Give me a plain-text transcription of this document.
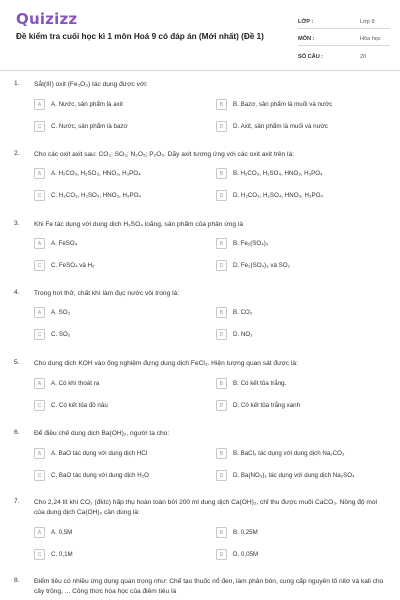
Quizizz
Đề kiểm tra cuối học kì 1 môn Hoá 9 có đáp án (Mới nhất) (Đề 1)
LỚP :	Lớp 9
MÔN :	Hóa học
SỐ CÂU :	20
1. Sắt(III) oxit (Fe₂O₃) tác dụng được với:
A	A. Nước, sản phẩm là axit	B	B. Bazơ, sản phẩm là muối và nước
C	C. Nước, sản phẩm là bazơ	D	D. Axit, sản phẩm là muối và nước
2. Cho các oxit axit sau: CO₂; SO₃; N₂O₅; P₂O₅. Dãy axit tương ứng với các oxit axit trên là:
A	A. H₂CO₃, H₂SO₃, HNO₃, H₃PO₄	B	B. H₂CO₃, H₂SO₄, HNO₃, H₃PO₄
C	C. H₂CO₃, H₂SO₃, HNO₃, H₃PO₄	D	D. H₂CO₃, H₂SO₄, HNO₃, H₃PO₄
3. Khi Fe tác dụng với dung dịch H₂SO₄ loãng, sản phẩm của phản ứng là
A	A. FeSO₄	B	B. Fe₂(SO₄)₃
C	C. FeSO₄ và H₂	D	D. Fe₂(SO₄)₃ và SO₂
4. Trong hơi thở, chất khí làm đục nước vôi trong là:
A	A. SO₃	B	B. CO₂
C	C. SO₂	D	D. NO₂
5. Cho dung dịch KOH vào ống nghiệm đựng dung dịch FeCl₃. Hiện tượng quan sát được là:
A	A. Có khí thoát ra	B	B. Có kết tủa trắng.
C	C. Có kết tủa đỏ nâu	D	D. Có kết tủa trắng xanh
6. Để điều chế dung dịch Ba(OH)₂, người ta cho:
A	A. BaO tác dụng với dung dịch HCl	B	B. BaCl₂ tác dụng với dung dịch Na₂CO₃
C	C. BaO tác dụng với dung dịch H₂O	D	D. Ba(NO₃)₂ tác dụng với dung dịch Na₂SO₄
7. Cho 2,24 lít khí CO₂ (đktc) hấp thụ hoàn toàn bởi 200 ml dung dịch Ca(OH)₂, chỉ thu được muối CaCO₃. Nồng độ mol của dung dịch Ca(OH)₂ cần dùng là:
A	A. 0,5M	B	B. 0,25M
C	C. 0,1M	D	D. 0,05M
8. Điểm tiêu có nhiều ứng dụng quan trọng như: Chế tạo thuốc nổ đen, làm phân bón, cung cấp nguyên tố nitơ và kali cho cây trồng, ... Công thức hóa học của điêm tiêu là
